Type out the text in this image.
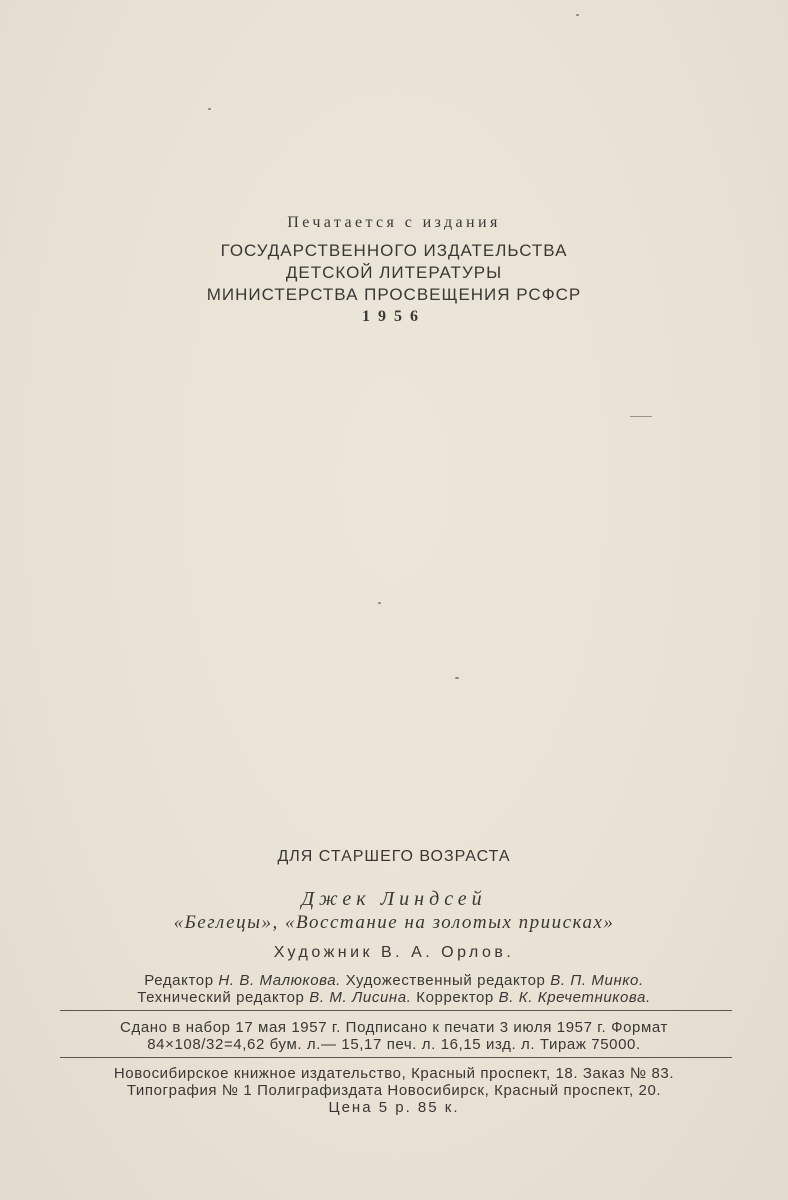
Печатается с издания
ГОСУДАРСТВЕННОГО ИЗДАТЕЛЬСТВА
ДЕТСКОЙ ЛИТЕРАТУРЫ
МИНИСТЕРСТВА ПРОСВЕЩЕНИЯ РСФСР
1956
ДЛЯ СТАРШЕГО ВОЗРАСТА
Джек Линдсей
«Беглецы», «Восстание на золотых приисках»
Художник В. А. Орлов.
Редактор Н. В. Малюкова. Художественный редактор В. П. Минко.
Технический редактор В. М. Лисина. Корректор В. К. Кречетникова.
Сдано в набор 17 мая 1957 г. Подписано к печати 3 июля 1957 г. Формат
84×108/32=4,62 бум. л.— 15,17 печ. л. 16,15 изд. л. Тираж 75000.
Новосибирское книжное издательство, Красный проспект, 18. Заказ № 83.
Типография № 1 Полиграфиздата Новосибирск, Красный проспект, 20.
Цена 5 р. 85 к.
